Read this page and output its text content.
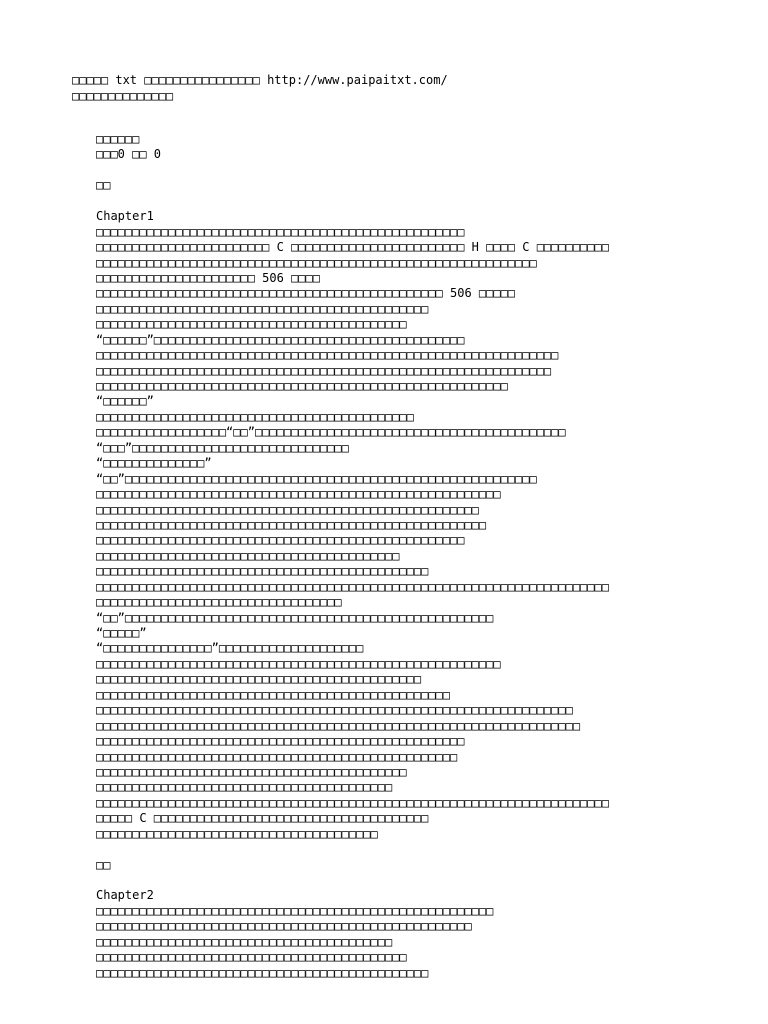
□□□□□ txt □□□□□□□□□□□□□□□□ http://www.paipaitxt.com/
□□□□□□□□□□□□□□
□□□□□□
□□□0 □□ 0
□□
Chapter1
□□□□□□□□□□□□□□□□□□□□□□□□□□□□□□□□□□□□□□□□□□□□□□□□□□□
□□□□□□□□□□□□□□□□□□□□□□□□ C □□□□□□□□□□□□□□□□□□□□□□□□ H □□□□ C □□□□□□□□□□
□□□□□□□□□□□□□□□□□□□□□□□□□□□□□□□□□□□□□□□□□□□□□□□□□□□□□□□□□□□□□
□□□□□□□□□□□□□□□□□□□□□□ 506 □□□□
□□□□□□□□□□□□□□□□□□□□□□□□□□□□□□□□□□□□□□□□□□□□□□□□ 506 □□□□□
□□□□□□□□□□□□□□□□□□□□□□□□□□□□□□□□□□□□□□□□□□□□□□
□□□□□□□□□□□□□□□□□□□□□□□□□□□□□□□□□□□□□□□□□□□
“□□□□□□”□□□□□□□□□□□□□□□□□□□□□□□□□□□□□□□□□□□□□□□□□□□
□□□□□□□□□□□□□□□□□□□□□□□□□□□□□□□□□□□□□□□□□□□□□□□□□□□□□□□□□□□□□□□□
□□□□□□□□□□□□□□□□□□□□□□□□□□□□□□□□□□□□□□□□□□□□□□□□□□□□□□□□□□□□□□□
□□□□□□□□□□□□□□□□□□□□□□□□□□□□□□□□□□□□□□□□□□□□□□□□□□□□□□□□□
“□□□□□□”
□□□□□□□□□□□□□□□□□□□□□□□□□□□□□□□□□□□□□□□□□□□□
□□□□□□□□□□□□□□□□□□“□□”□□□□□□□□□□□□□□□□□□□□□□□□□□□□□□□□□□□□□□□□□□□
“□□□”□□□□□□□□□□□□□□□□□□□□□□□□□□□□□□
“□□□□□□□□□□□□□□”
“□□”□□□□□□□□□□□□□□□□□□□□□□□□□□□□□□□□□□□□□□□□□□□□□□□□□□□□□□□□□
□□□□□□□□□□□□□□□□□□□□□□□□□□□□□□□□□□□□□□□□□□□□□□□□□□□□□□□□
□□□□□□□□□□□□□□□□□□□□□□□□□□□□□□□□□□□□□□□□□□□□□□□□□□□□□
□□□□□□□□□□□□□□□□□□□□□□□□□□□□□□□□□□□□□□□□□□□□□□□□□□□□□□
□□□□□□□□□□□□□□□□□□□□□□□□□□□□□□□□□□□□□□□□□□□□□□□□□□□
□□□□□□□□□□□□□□□□□□□□□□□□□□□□□□□□□□□□□□□□□□
□□□□□□□□□□□□□□□□□□□□□□□□□□□□□□□□□□□□□□□□□□□□□□
□□□□□□□□□□□□□□□□□□□□□□□□□□□□□□□□□□□□□□□□□□□□□□□□□□□□□□□□□□□□□□□□□□□□□□□
□□□□□□□□□□□□□□□□□□□□□□□□□□□□□□□□□□
“□□”□□□□□□□□□□□□□□□□□□□□□□□□□□□□□□□□□□□□□□□□□□□□□□□□□□□
“□□□□□”
“□□□□□□□□□□□□□□□”□□□□□□□□□□□□□□□□□□□□
□□□□□□□□□□□□□□□□□□□□□□□□□□□□□□□□□□□□□□□□□□□□□□□□□□□□□□□□
□□□□□□□□□□□□□□□□□□□□□□□□□□□□□□□□□□□□□□□□□□□□□
□□□□□□□□□□□□□□□□□□□□□□□□□□□□□□□□□□□□□□□□□□□□□□□□□
□□□□□□□□□□□□□□□□□□□□□□□□□□□□□□□□□□□□□□□□□□□□□□□□□□□□□□□□□□□□□□□□□□
□□□□□□□□□□□□□□□□□□□□□□□□□□□□□□□□□□□□□□□□□□□□□□□□□□□□□□□□□□□□□□□□□□□
□□□□□□□□□□□□□□□□□□□□□□□□□□□□□□□□□□□□□□□□□□□□□□□□□□□
□□□□□□□□□□□□□□□□□□□□□□□□□□□□□□□□□□□□□□□□□□□□□□□□□□
□□□□□□□□□□□□□□□□□□□□□□□□□□□□□□□□□□□□□□□□□□□
□□□□□□□□□□□□□□□□□□□□□□□□□□□□□□□□□□□□□□□□□
□□□□□□□□□□□□□□□□□□□□□□□□□□□□□□□□□□□□□□□□□□□□□□□□□□□□□□□□□□□□□□□□□□□□□□□
□□□□□ C □□□□□□□□□□□□□□□□□□□□□□□□□□□□□□□□□□□□□□
□□□□□□□□□□□□□□□□□□□□□□□□□□□□□□□□□□□□□□□
□□
Chapter2
□□□□□□□□□□□□□□□□□□□□□□□□□□□□□□□□□□□□□□□□□□□□□□□□□□□□□□□
□□□□□□□□□□□□□□□□□□□□□□□□□□□□□□□□□□□□□□□□□□□□□□□□□□□□
□□□□□□□□□□□□□□□□□□□□□□□□□□□□□□□□□□□□□□□□□
□□□□□□□□□□□□□□□□□□□□□□□□□□□□□□□□□□□□□□□□□□□
□□□□□□□□□□□□□□□□□□□□□□□□□□□□□□□□□□□□□□□□□□□□□□
